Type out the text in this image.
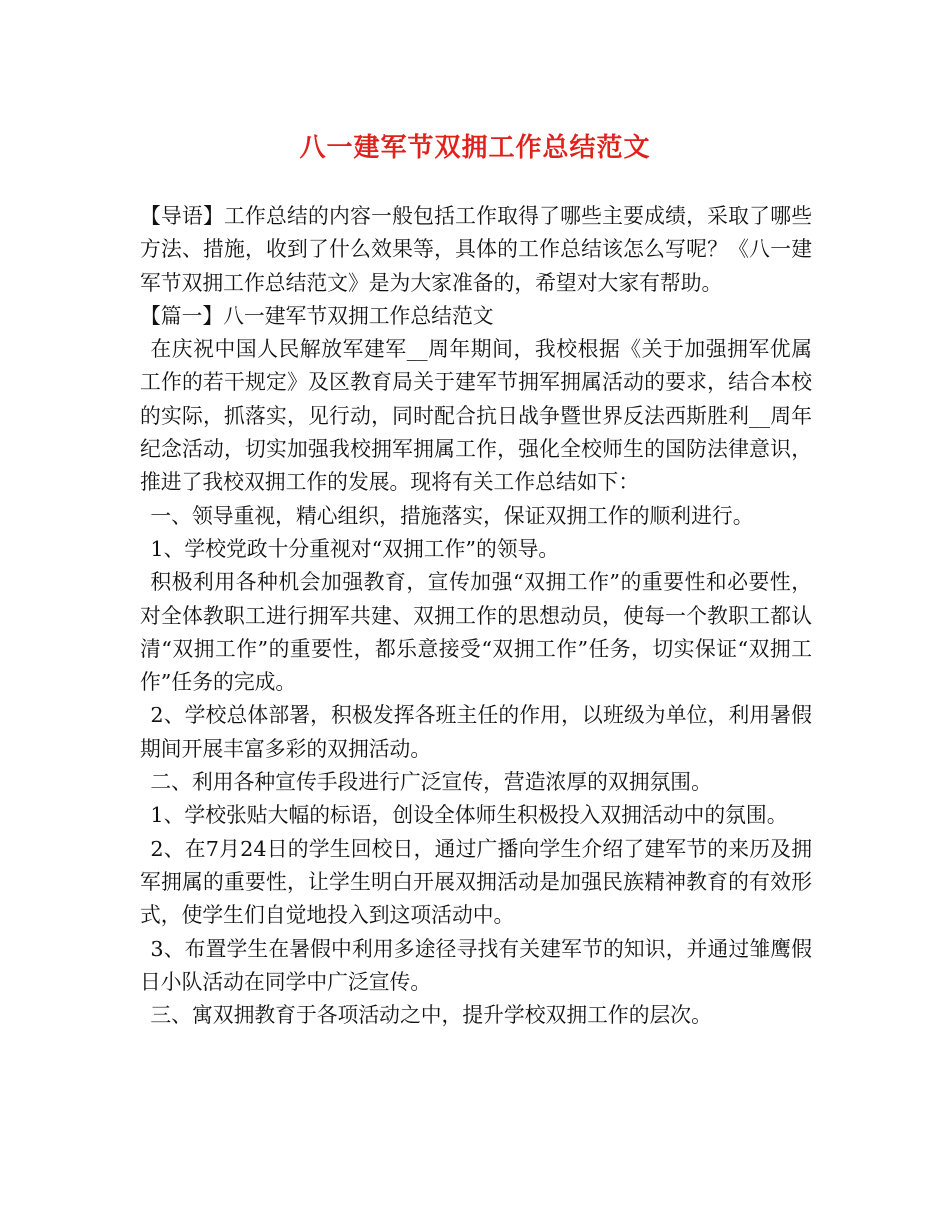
八一建军节双拥工作总结范文

【导语】工作总结的内容一般包括工作取得了哪些主要成绩，采取了哪些方法、措施，收到了什么效果等，具体的工作总结该怎么写呢？《八一建军节双拥工作总结范文》是为大家准备的，希望对大家有帮助。

【篇一】八一建军节双拥工作总结范文

在庆祝中国人民解放军建军__周年期间，我校根据《关于加强拥军优属工作的若干规定》及区教育局关于建军节拥军拥属活动的要求，结合本校的实际，抓落实，见行动，同时配合抗日战争暨世界反法西斯胜利__周年纪念活动，切实加强我校拥军拥属工作，强化全校师生的国防法律意识，推进了我校双拥工作的发展。现将有关工作总结如下：

一、领导重视，精心组织，措施落实，保证双拥工作的顺利进行。

1、学校党政十分重视对“双拥工作”的领导。

积极利用各种机会加强教育，宣传加强“双拥工作”的重要性和必要性，对全体教职工进行拥军共建、双拥工作的思想动员，使每一个教职工都认清“双拥工作”的重要性，都乐意接受“双拥工作”任务，切实保证“双拥工作”任务的完成。

2、学校总体部署，积极发挥各班主任的作用，以班级为单位，利用暑假期间开展丰富多彩的双拥活动。

二、利用各种宣传手段进行广泛宣传，营造浓厚的双拥氛围。

1、学校张贴大幅的标语，创设全体师生积极投入双拥活动中的氛围。

2、在7月24日的学生回校日，通过广播向学生介绍了建军节的来历及拥军拥属的重要性，让学生明白开展双拥活动是加强民族精神教育的有效形式，使学生们自觉地投入到这项活动中。

3、布置学生在暑假中利用多途径寻找有关建军节的知识，并通过雏鹰假日小队活动在同学中广泛宣传。

三、寓双拥教育于各项活动之中，提升学校双拥工作的层次。
